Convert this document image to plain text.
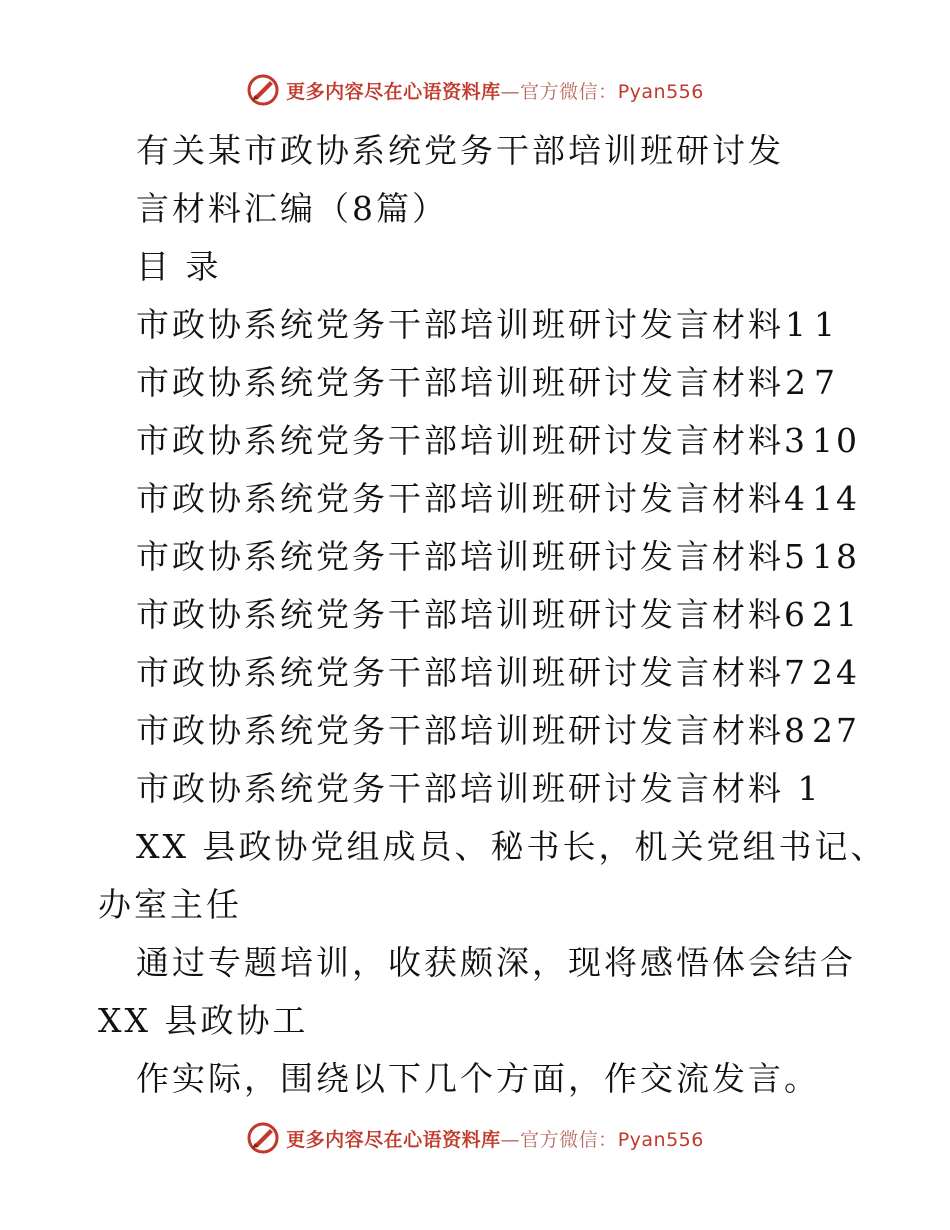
更多内容尽在心语资料库—官方微信：Pyan556
有关某市政协系统党务干部培训班研讨发
言材料汇编（8篇）
目 录
市政协系统党务干部培训班研讨发言材料 1 1
市政协系统党务干部培训班研讨发言材料 2 7
市政协系统党务干部培训班研讨发言材料 3 10
市政协系统党务干部培训班研讨发言材料 4 14
市政协系统党务干部培训班研讨发言材料 5 18
市政协系统党务干部培训班研讨发言材料 6 21
市政协系统党务干部培训班研讨发言材料 7 24
市政协系统党务干部培训班研讨发言材料 8 27
市政协系统党务干部培训班研讨发言材料 1
XX 县政协党组成员、秘书长，机关党组书记、
办室主任
通过专题培训，收获颇深，现将感悟体会结合
XX 县政协工
作实际，围绕以下几个方面，作交流发言。
更多内容尽在心语资料库—官方微信：Pyan556
